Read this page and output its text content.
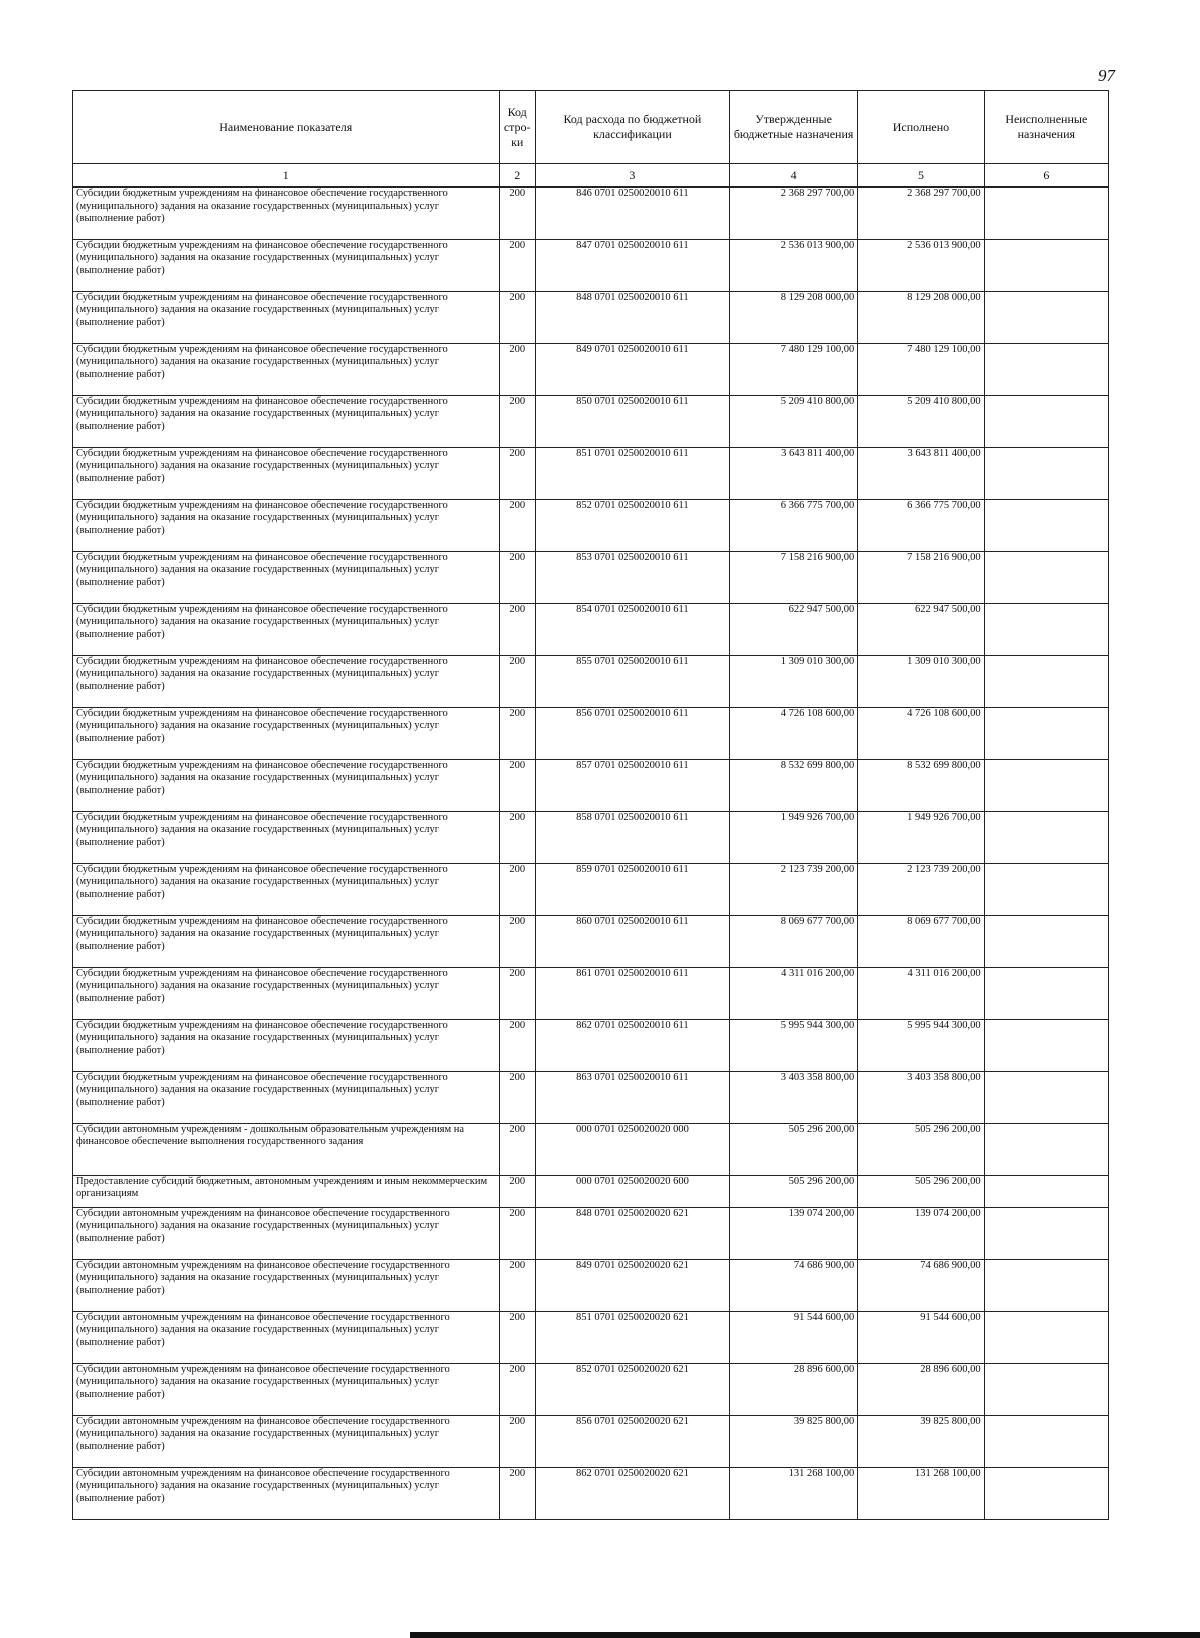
97
Наименование показателя	Код стро-ки	Код расхода по бюджетной классификации	Утвержденные бюджетные назначения	Исполнено	Неисполненные назначения
1	2	3	4	5	6
Субсидии бюджетным учреждениям на финансовое обеспечение государственного (муниципального) задания на оказание государственных (муниципальных) услуг (выполнение работ)	200	846 0701 0250020010 611	2 368 297 700,00	2 368 297 700,00	
Субсидии бюджетным учреждениям на финансовое обеспечение государственного (муниципального) задания на оказание государственных (муниципальных) услуг (выполнение работ)	200	847 0701 0250020010 611	2 536 013 900,00	2 536 013 900,00	
Субсидии бюджетным учреждениям на финансовое обеспечение государственного (муниципального) задания на оказание государственных (муниципальных) услуг (выполнение работ)	200	848 0701 0250020010 611	8 129 208 000,00	8 129 208 000,00	
Субсидии бюджетным учреждениям на финансовое обеспечение государственного (муниципального) задания на оказание государственных (муниципальных) услуг (выполнение работ)	200	849 0701 0250020010 611	7 480 129 100,00	7 480 129 100,00	
Субсидии бюджетным учреждениям на финансовое обеспечение государственного (муниципального) задания на оказание государственных (муниципальных) услуг (выполнение работ)	200	850 0701 0250020010 611	5 209 410 800,00	5 209 410 800,00	
Субсидии бюджетным учреждениям на финансовое обеспечение государственного (муниципального) задания на оказание государственных (муниципальных) услуг (выполнение работ)	200	851 0701 0250020010 611	3 643 811 400,00	3 643 811 400,00	
Субсидии бюджетным учреждениям на финансовое обеспечение государственного (муниципального) задания на оказание государственных (муниципальных) услуг (выполнение работ)	200	852 0701 0250020010 611	6 366 775 700,00	6 366 775 700,00	
Субсидии бюджетным учреждениям на финансовое обеспечение государственного (муниципального) задания на оказание государственных (муниципальных) услуг (выполнение работ)	200	853 0701 0250020010 611	7 158 216 900,00	7 158 216 900,00	
Субсидии бюджетным учреждениям на финансовое обеспечение государственного (муниципального) задания на оказание государственных (муниципальных) услуг (выполнение работ)	200	854 0701 0250020010 611	622 947 500,00	622 947 500,00	
Субсидии бюджетным учреждениям на финансовое обеспечение государственного (муниципального) задания на оказание государственных (муниципальных) услуг (выполнение работ)	200	855 0701 0250020010 611	1 309 010 300,00	1 309 010 300,00	
Субсидии бюджетным учреждениям на финансовое обеспечение государственного (муниципального) задания на оказание государственных (муниципальных) услуг (выполнение работ)	200	856 0701 0250020010 611	4 726 108 600,00	4 726 108 600,00	
Субсидии бюджетным учреждениям на финансовое обеспечение государственного (муниципального) задания на оказание государственных (муниципальных) услуг (выполнение работ)	200	857 0701 0250020010 611	8 532 699 800,00	8 532 699 800,00	
Субсидии бюджетным учреждениям на финансовое обеспечение государственного (муниципального) задания на оказание государственных (муниципальных) услуг (выполнение работ)	200	858 0701 0250020010 611	1 949 926 700,00	1 949 926 700,00	
Субсидии бюджетным учреждениям на финансовое обеспечение государственного (муниципального) задания на оказание государственных (муниципальных) услуг (выполнение работ)	200	859 0701 0250020010 611	2 123 739 200,00	2 123 739 200,00	
Субсидии бюджетным учреждениям на финансовое обеспечение государственного (муниципального) задания на оказание государственных (муниципальных) услуг (выполнение работ)	200	860 0701 0250020010 611	8 069 677 700,00	8 069 677 700,00	
Субсидии бюджетным учреждениям на финансовое обеспечение государственного (муниципального) задания на оказание государственных (муниципальных) услуг (выполнение работ)	200	861 0701 0250020010 611	4 311 016 200,00	4 311 016 200,00	
Субсидии бюджетным учреждениям на финансовое обеспечение государственного (муниципального) задания на оказание государственных (муниципальных) услуг (выполнение работ)	200	862 0701 0250020010 611	5 995 944 300,00	5 995 944 300,00	
Субсидии бюджетным учреждениям на финансовое обеспечение государственного (муниципального) задания на оказание государственных (муниципальных) услуг (выполнение работ)	200	863 0701 0250020010 611	3 403 358 800,00	3 403 358 800,00	
Субсидии автономным учреждениям - дошкольным образовательным учреждениям на финансовое обеспечение выполнения государственного задания	200	000 0701 0250020020 000	505 296 200,00	505 296 200,00	
Предоставление субсидий бюджетным, автономным учреждениям и иным некоммерческим организациям	200	000 0701 0250020020 600	505 296 200,00	505 296 200,00	
Субсидии автономным учреждениям на финансовое обеспечение государственного (муниципального) задания на оказание государственных (муниципальных) услуг (выполнение работ)	200	848 0701 0250020020 621	139 074 200,00	139 074 200,00	
Субсидии автономным учреждениям на финансовое обеспечение государственного (муниципального) задания на оказание государственных (муниципальных) услуг (выполнение работ)	200	849 0701 0250020020 621	74 686 900,00	74 686 900,00	
Субсидии автономным учреждениям на финансовое обеспечение государственного (муниципального) задания на оказание государственных (муниципальных) услуг (выполнение работ)	200	851 0701 0250020020 621	91 544 600,00	91 544 600,00	
Субсидии автономным учреждениям на финансовое обеспечение государственного (муниципального) задания на оказание государственных (муниципальных) услуг (выполнение работ)	200	852 0701 0250020020 621	28 896 600,00	28 896 600,00	
Субсидии автономным учреждениям на финансовое обеспечение государственного (муниципального) задания на оказание государственных (муниципальных) услуг (выполнение работ)	200	856 0701 0250020020 621	39 825 800,00	39 825 800,00	
Субсидии автономным учреждениям на финансовое обеспечение государственного (муниципального) задания на оказание государственных (муниципальных) услуг (выполнение работ)	200	862 0701 0250020020 621	131 268 100,00	131 268 100,00	
